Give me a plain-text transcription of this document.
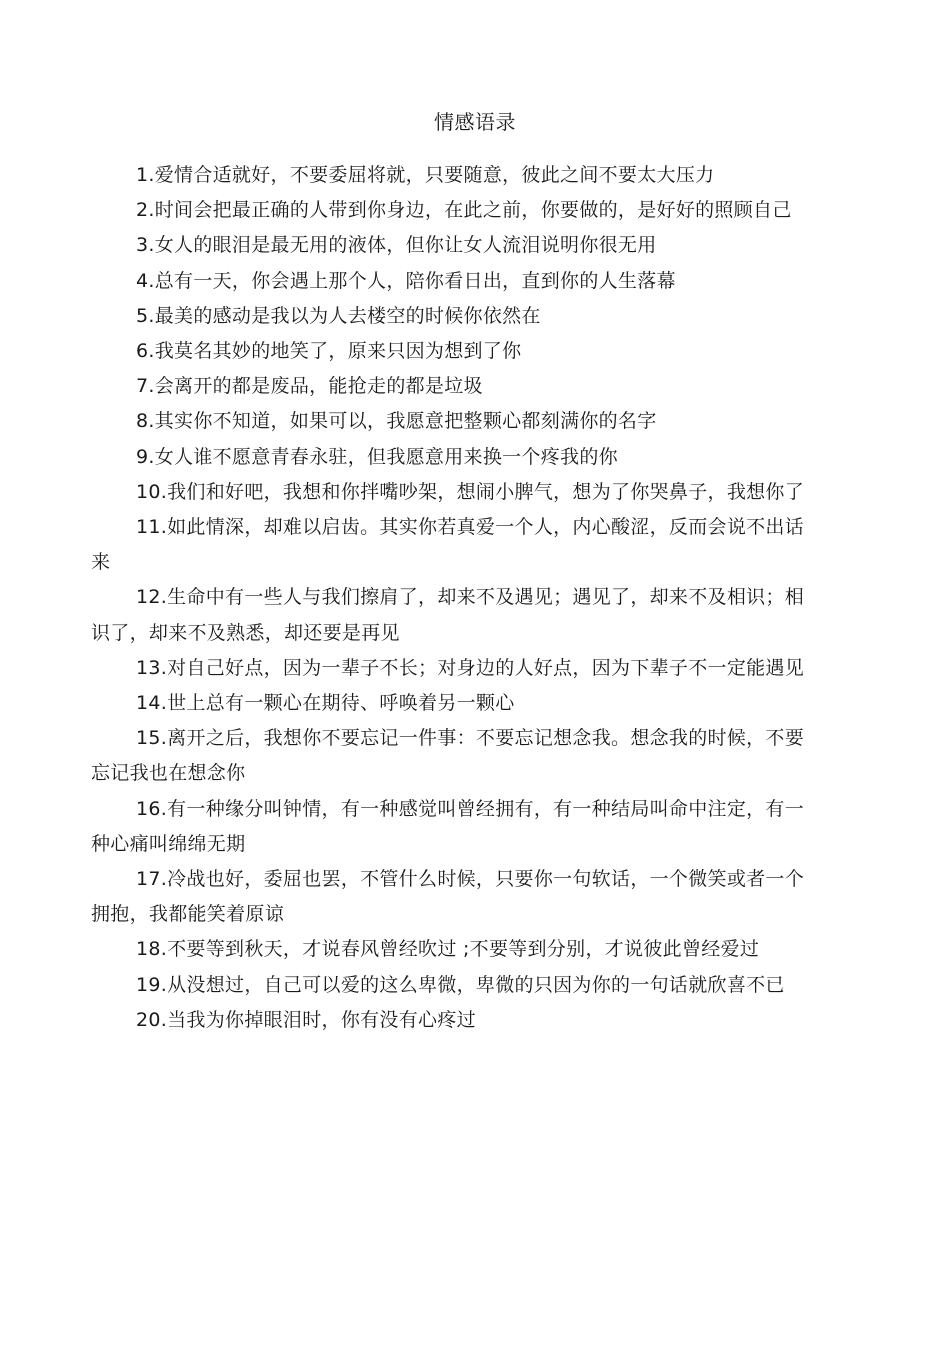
情感语录
1.爱情合适就好，不要委屈将就，只要随意，彼此之间不要太大压力
2.时间会把最正确的人带到你身边，在此之前，你要做的，是好好的照顾自己
3.女人的眼泪是最无用的液体，但你让女人流泪说明你很无用
4.总有一天，你会遇上那个人，陪你看日出，直到你的人生落幕
5.最美的感动是我以为人去楼空的时候你依然在
6.我莫名其妙的地笑了，原来只因为想到了你
7.会离开的都是废品，能抢走的都是垃圾
8.其实你不知道，如果可以，我愿意把整颗心都刻满你的名字
9.女人谁不愿意青春永驻，但我愿意用来换一个疼我的你
10.我们和好吧，我想和你拌嘴吵架，想闹小脾气，想为了你哭鼻子，我想你了
11.如此情深，却难以启齿。其实你若真爱一个人，内心酸涩，反而会说不出话来
12.生命中有一些人与我们擦肩了，却来不及遇见；遇见了，却来不及相识；相识了，却来不及熟悉，却还要是再见
13.对自己好点，因为一辈子不长；对身边的人好点，因为下辈子不一定能遇见
14.世上总有一颗心在期待、呼唤着另一颗心
15.离开之后，我想你不要忘记一件事：不要忘记想念我。想念我的时候，不要忘记我也在想念你
16.有一种缘分叫钟情，有一种感觉叫曾经拥有，有一种结局叫命中注定，有一种心痛叫绵绵无期
17.冷战也好，委屈也罢，不管什么时候，只要你一句软话，一个微笑或者一个拥抱，我都能笑着原谅
18.不要等到秋天，才说春风曾经吹过 ;不要等到分别，才说彼此曾经爱过
19.从没想过，自己可以爱的这么卑微，卑微的只因为你的一句话就欣喜不已
20.当我为你掉眼泪时，你有没有心疼过
